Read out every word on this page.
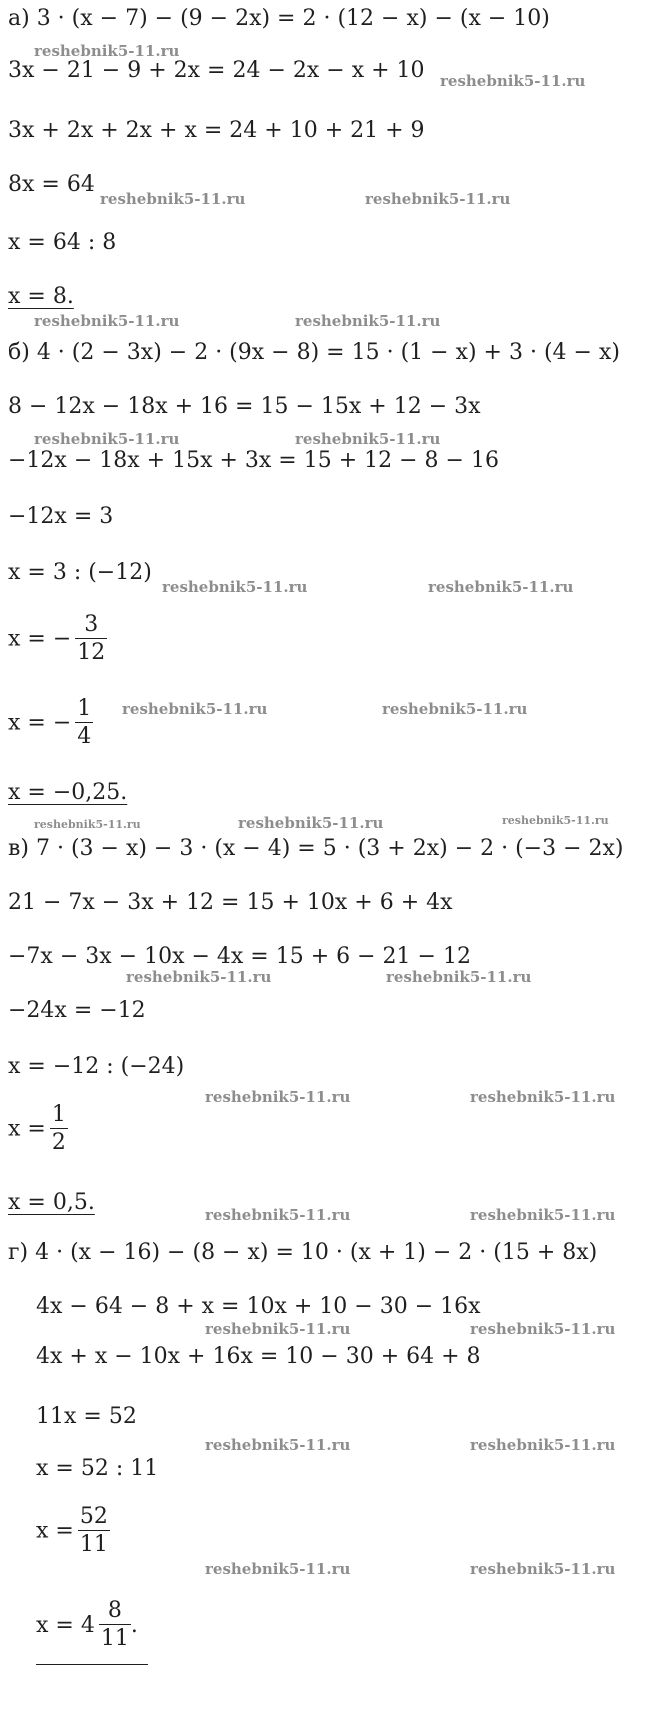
а) 3 · (x − 7) − (9 − 2x) = 2 · (12 − x) − (x − 10)
reshebnik5-11.ru
3x − 21 − 9 + 2x = 24 − 2x − x + 10 reshebnik5-11.ru
3x + 2x + 2x + x = 24 + 10 + 21 + 9
8x = 64
reshebnik5-11.ru	reshebnik5-11.ru
x = 64 : 8
x = 8.
reshebnik5-11.ru	reshebnik5-11.ru
б) 4 · (2 − 3x) − 2 · (9x − 8) = 15 · (1 − x) + 3 · (4 − x)
8 − 12x − 18x + 16 = 15 − 15x + 12 − 3x
reshebnik5-11.ru	reshebnik5-11.ru
−12x − 18x + 15x + 3x = 15 + 12 − 8 − 16
−12x = 3
x = 3 : (−12)
reshebnik5-11.ru	reshebnik5-11.ru
x = − $\frac{3}{12}$
x = − $\frac{1}{4}$ reshebnik5-11.ru	reshebnik5-11.ru
x = −0,25.
reshebnik5-11.ru	reshebnik5-11.ru	reshebnik5-11.ru
в) 7 · (3 − x) − 3 · (x − 4) = 5 · (3 + 2x) − 2 · (−3 − 2x)
21 − 7x − 3x + 12 = 15 + 10x + 6 + 4x
−7x − 3x − 10x − 4x = 15 + 6 − 21 − 12
reshebnik5-11.ru	reshebnik5-11.ru
−24x = −12
x = −12 : (−24)
reshebnik5-11.ru	reshebnik5-11.ru
$x = \frac{1}{2}$
x = 0,5.	reshebnik5-11.ru	reshebnik5-11.ru
г) 4 · (x − 16) − (8 − x) = 10 · (x + 1) − 2 · (15 + 8x)
4x − 64 − 8 + x = 10x + 10 − 30 − 16x
reshebnik5-11.ru	reshebnik5-11.ru
4x + x − 10x + 16x = 10 − 30 + 64 + 8
11x = 52
reshebnik5-11.ru	reshebnik5-11.ru
x = 52 : 11
$x = \frac{52}{11}$
reshebnik5-11.ru	reshebnik5-11.ru
$x = 4 \frac{8}{11}$ .
